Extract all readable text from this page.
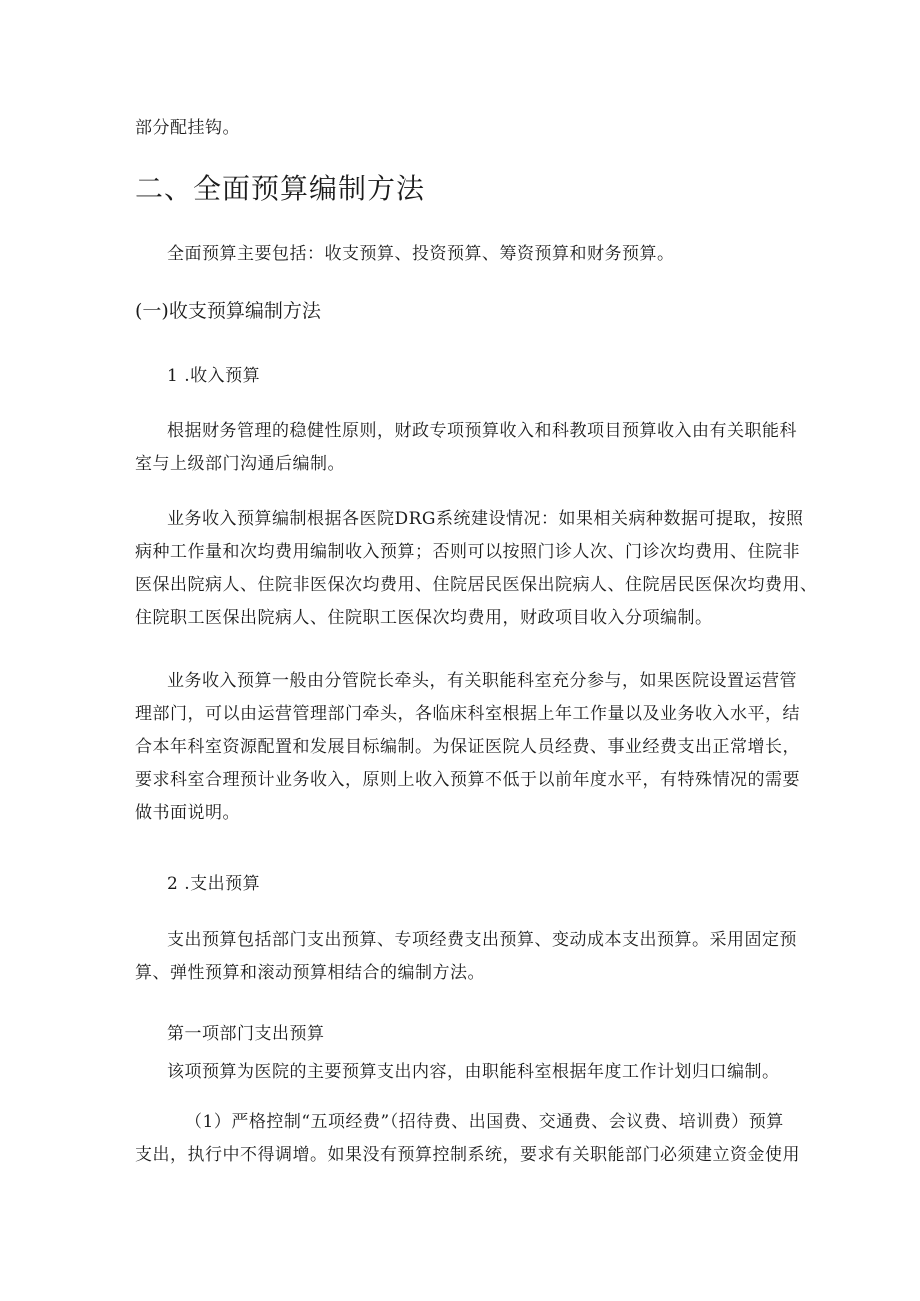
部分配挂钩。

二、全面预算编制方法

全面预算主要包括：收支预算、投资预算、筹资预算和财务预算。

(一)收支预算编制方法

1 .收入预算

根据财务管理的稳健性原则，财政专项预算收入和科教项目预算收入由有关职能科
室与上级部门沟通后编制。

业务收入预算编制根据各医院DRG系统建设情况：如果相关病种数据可提取，按照
病种工作量和次均费用编制收入预算；否则可以按照门诊人次、门诊次均费用、住院非
医保出院病人、住院非医保次均费用、住院居民医保出院病人、住院居民医保次均费用、
住院职工医保出院病人、住院职工医保次均费用，财政项目收入分项编制。

业务收入预算一般由分管院长牵头，有关职能科室充分参与，如果医院设置运营管
理部门，可以由运营管理部门牵头，各临床科室根据上年工作量以及业务收入水平，结
合本年科室资源配置和发展目标编制。为保证医院人员经费、事业经费支出正常增长，
要求科室合理预计业务收入，原则上收入预算不低于以前年度水平，有特殊情况的需要
做书面说明。

2 .支出预算

支出预算包括部门支出预算、专项经费支出预算、变动成本支出预算。采用固定预
算、弹性预算和滚动预算相结合的编制方法。

第一项部门支出预算

该项预算为医院的主要预算支出内容，由职能科室根据年度工作计划归口编制。

（1）严格控制“五项经费”（招待费、出国费、交通费、会议费、培训费）预算
支出，执行中不得调增。如果没有预算控制系统，要求有关职能部门必须建立资金使用
